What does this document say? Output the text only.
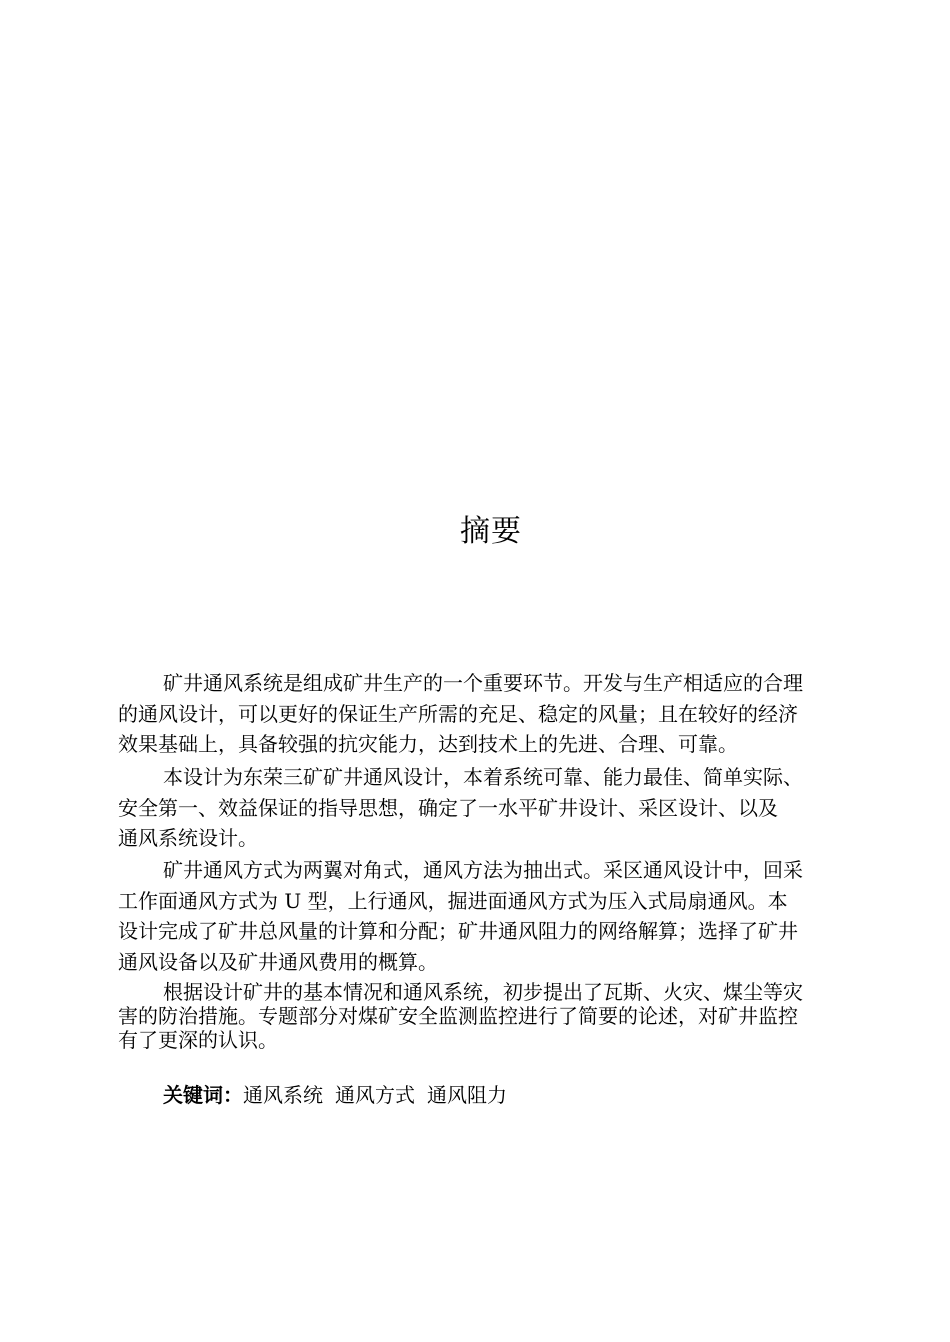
摘要
矿井通风系统是组成矿井生产的一个重要环节。开发与生产相适应的合理
的通风设计，可以更好的保证生产所需的充足、稳定的风量；且在较好的经济
效果基础上，具备较强的抗灾能力，达到技术上的先进、合理、可靠。
本设计为东荣三矿矿井通风设计，本着系统可靠、能力最佳、简单实际、
安全第一、效益保证的指导思想，确定了一水平矿井设计、采区设计、以及
通风系统设计。
矿井通风方式为两翼对角式，通风方法为抽出式。采区通风设计中，回采
工作面通风方式为 U 型，上行通风，掘进面通风方式为压入式局扇通风。本
设计完成了矿井总风量的计算和分配；矿井通风阻力的网络解算；选择了矿井
通风设备以及矿井通风费用的概算。
根据设计矿井的基本情况和通风系统，初步提出了瓦斯、火灾、煤尘等灾
害的防治措施。专题部分对煤矿安全监测监控进行了简要的论述，对矿井监控
有了更深的认识。
关键词：通风系统 通风方式 通风阻力
